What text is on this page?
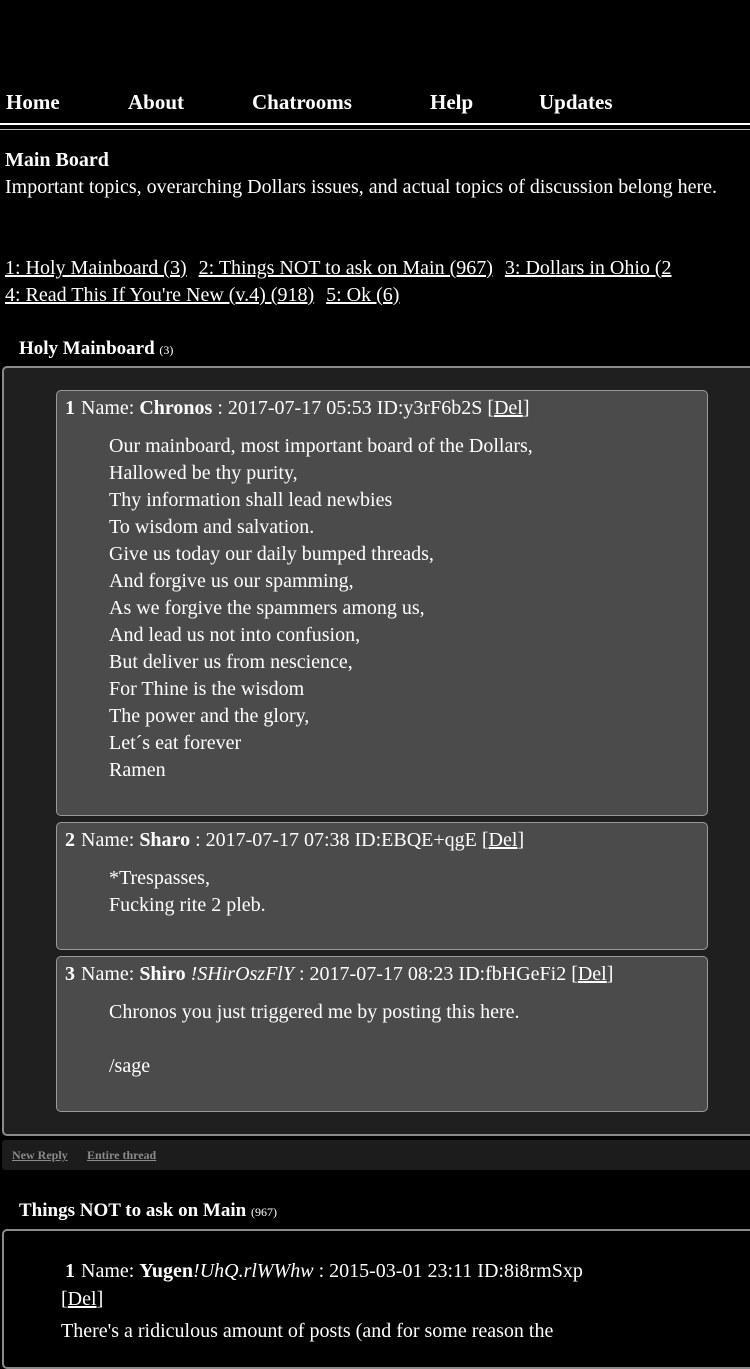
Home	About	Chatrooms	Help	Updates
Main Board
Important topics, overarching Dollars issues, and actual topics of discussion belong here.
1: Holy Mainboard (3) 2: Things NOT to ask on Main (967) 3: Dollars in Ohio (2
4: Read This If You're New (v.4) (918) 5: Ok (6)
Holy Mainboard (3)
1 Name: Chronos : 2017-07-17 05:53 ID:y3rF6b2S [Del]
Our mainboard, most important board of the Dollars,
Hallowed be thy purity,
Thy information shall lead newbies
To wisdom and salvation.
Give us today our daily bumped threads,
And forgive us our spamming,
As we forgive the spammers among us,
And lead us not into confusion,
But deliver us from nescience,
For Thine is the wisdom
The power and the glory,
Let´s eat forever
Ramen
2 Name: Sharo : 2017-07-17 07:38 ID:EBQE+qgE [Del]
*Trespasses,
Fucking rite 2 pleb.
3 Name: Shiro !SHirOszFlY : 2017-07-17 08:23 ID:fbHGeFi2 [Del]
Chronos you just triggered me by posting this here.

/sage
New Reply Entire thread
Things NOT to ask on Main (967)
1 Name: Yugen!UhQ.rlWWhw : 2015-03-01 23:11 ID:8i8rmSxp
[Del]
There's a ridiculous amount of posts (and for some reason the
